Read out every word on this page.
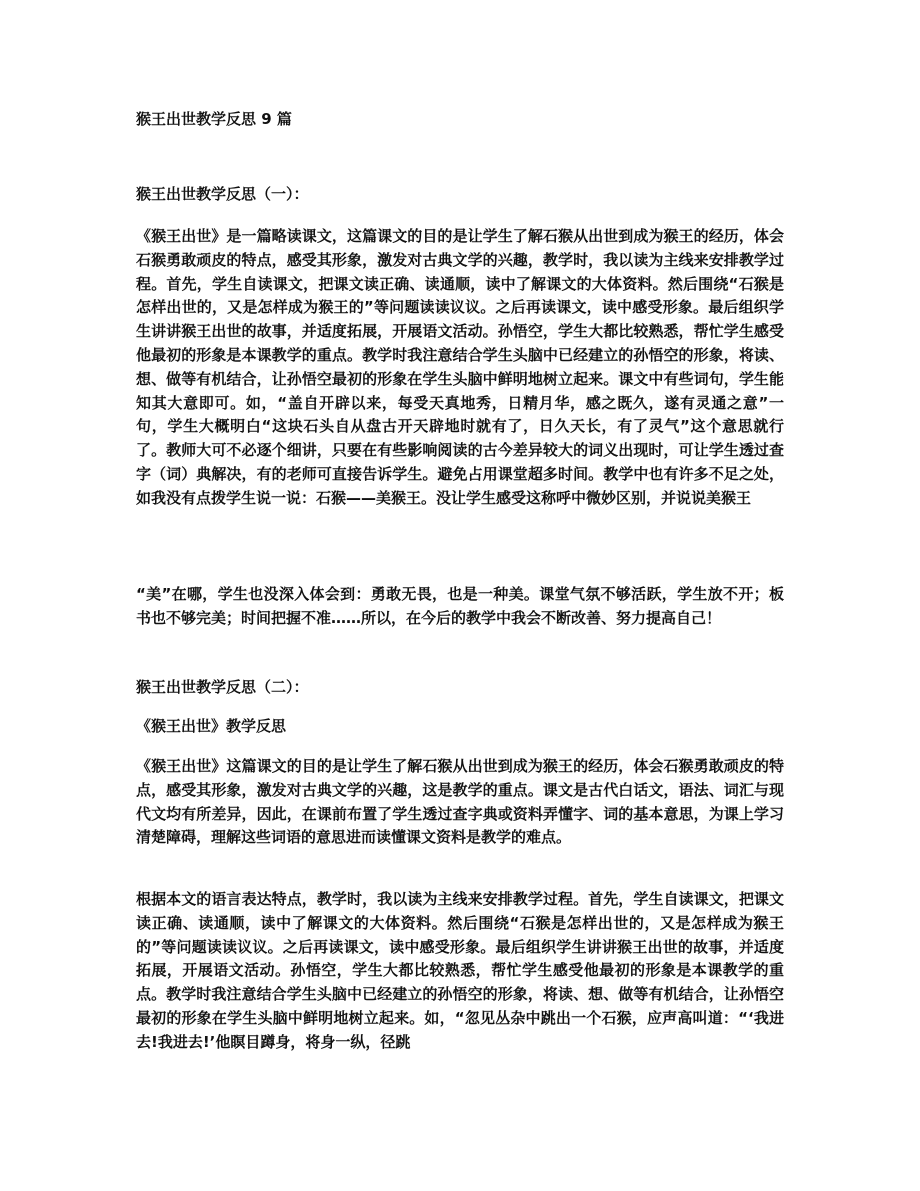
猴王出世教学反思 9 篇
猴王出世教学反思（一）：
《猴王出世》是一篇略读课文，这篇课文的目的是让学生了解石猴从出世到成为猴王的经历，体会石猴勇敢顽皮的特点，感受其形象，激发对古典文学的兴趣，教学时，我以读为主线来安排教学过程。首先，学生自读课文，把课文读正确、读通顺，读中了解课文的大体资料。然后围绕“石猴是怎样出世的，又是怎样成为猴王的”等问题读读议议。之后再读课文，读中感受形象。最后组织学生讲讲猴王出世的故事，并适度拓展，开展语文活动。孙悟空，学生大都比较熟悉，帮忙学生感受他最初的形象是本课教学的重点。教学时我注意结合学生头脑中已经建立的孙悟空的形象，将读、想、做等有机结合，让孙悟空最初的形象在学生头脑中鲜明地树立起来。课文中有些词句，学生能知其大意即可。如，“盖自开辟以来，每受天真地秀，日精月华，感之既久，遂有灵通之意”一句，学生大概明白“这块石头自从盘古开天辟地时就有了，日久天长，有了灵气”这个意思就行了。教师大可不必逐个细讲，只要在有些影响阅读的古今差异较大的词义出现时，可让学生透过查字（词）典解决，有的老师可直接告诉学生。避免占用课堂超多时间。教学中也有许多不足之处，如我没有点拨学生说一说：石猴——美猴王。没让学生感受这称呼中微妙区别，并说说美猴王
“美”在哪，学生也没深入体会到：勇敢无畏，也是一种美。课堂气氛不够活跃，学生放不开；板书也不够完美；时间把握不准……所以，在今后的教学中我会不断改善、努力提高自己！
猴王出世教学反思（二）：
《猴王出世》教学反思
《猴王出世》这篇课文的目的是让学生了解石猴从出世到成为猴王的经历，体会石猴勇敢顽皮的特点，感受其形象，激发对古典文学的兴趣，这是教学的重点。课文是古代白话文，语法、词汇与现代文均有所差异，因此，在课前布置了学生透过查字典或资料弄懂字、词的基本意思，为课上学习清楚障碍，理解这些词语的意思进而读懂课文资料是教学的难点。
根据本文的语言表达特点，教学时，我以读为主线来安排教学过程。首先，学生自读课文，把课文读正确、读通顺，读中了解课文的大体资料。然后围绕“石猴是怎样出世的，又是怎样成为猴王的”等问题读读议议。之后再读课文，读中感受形象。最后组织学生讲讲猴王出世的故事，并适度拓展，开展语文活动。孙悟空，学生大都比较熟悉，帮忙学生感受他最初的形象是本课教学的重点。教学时我注意结合学生头脑中已经建立的孙悟空的形象，将读、想、做等有机结合，让孙悟空最初的形象在学生头脑中鲜明地树立起来。如，“忽见丛杂中跳出一个石猴，应声高叫道：“‘我进去!我进去!’他瞑目蹲身，将身一纵，径跳
